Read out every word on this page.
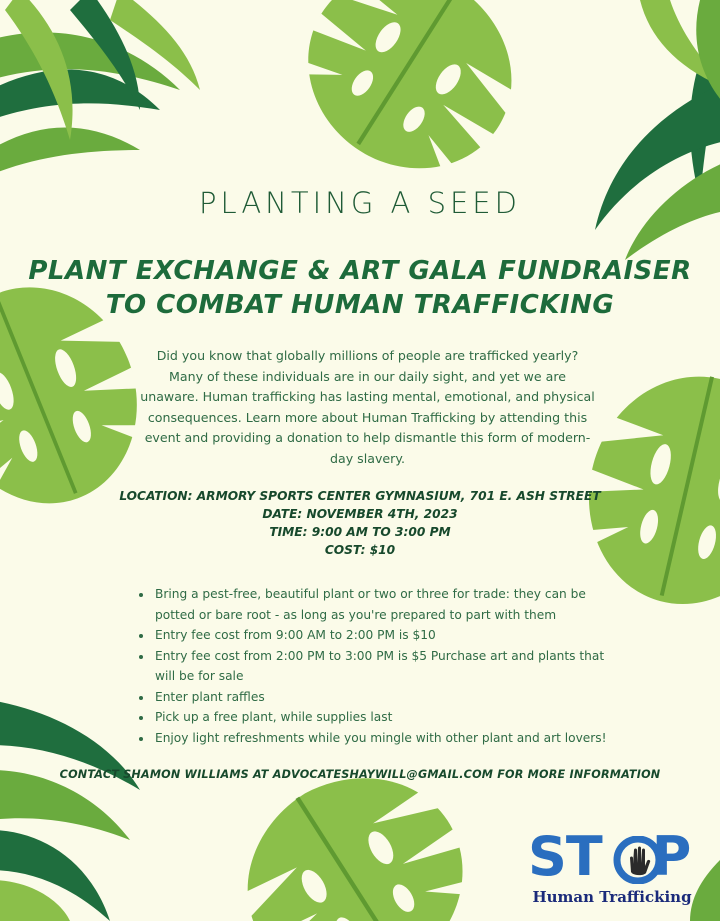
PLANTING A SEED
PLANT EXCHANGE & ART GALA FUNDRAISER
TO COMBAT HUMAN TRAFFICKING
Did you know that globally millions of people are trafficked yearly? Many of these individuals are in our daily sight, and yet we are unaware. Human trafficking has lasting mental, emotional, and physical consequences. Learn more about Human Trafficking by attending this event and providing a donation to help dismantle this form of modern-day slavery.
LOCATION: ARMORY SPORTS CENTER GYMNASIUM, 701 E. ASH STREET
DATE: NOVEMBER 4TH, 2023
TIME: 9:00 AM TO 3:00 PM
COST: $10
• Bring a pest-free, beautiful plant or two or three for trade: they can be potted or bare root - as long as you're prepared to part with them
• Entry fee cost from 9:00 AM to 2:00 PM is $10
• Entry fee cost from 2:00 PM to 3:00 PM is $5 Purchase art and plants that will be for sale
• Enter plant raffles
• Pick up a free plant, while supplies last
• Enjoy light refreshments while you mingle with other plant and art lovers!
CONTACT SHAMON WILLIAMS AT ADVOCATESHAYWILL@GMAIL.COM FOR MORE INFORMATION
ST P
Human Trafficking
